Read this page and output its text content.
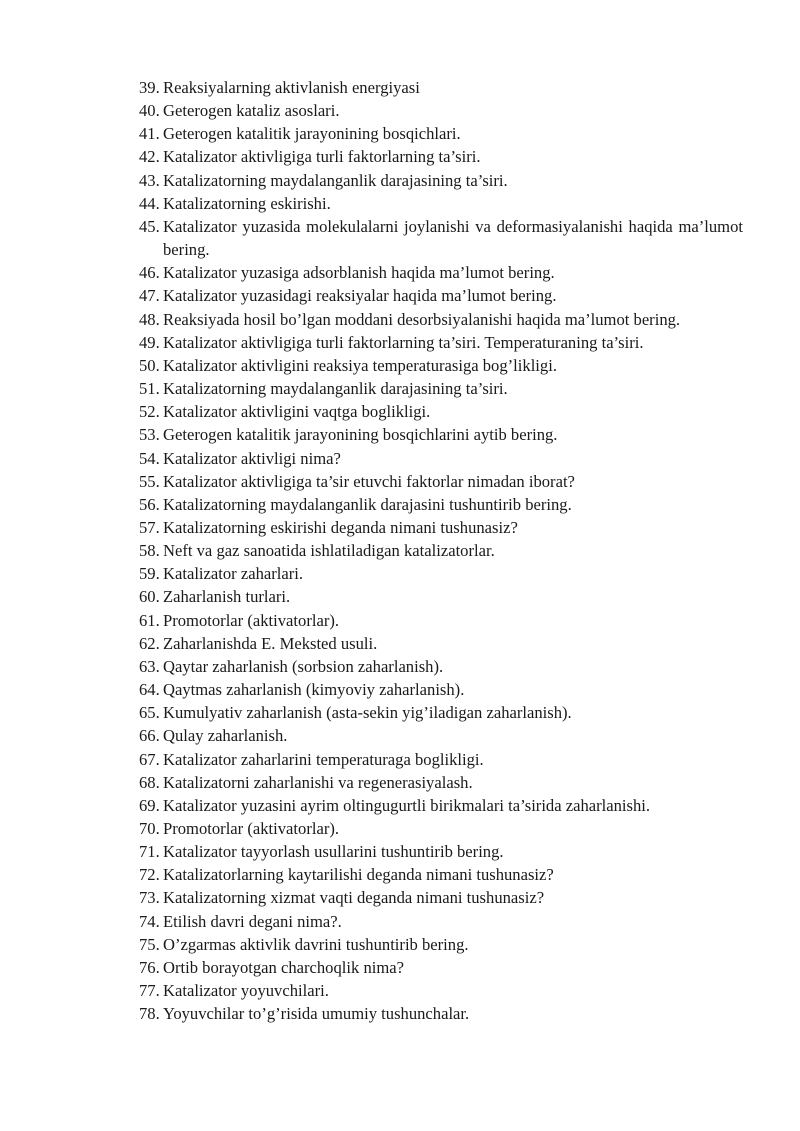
39. Reaksiyalarning aktivlanish energiyasi
40. Geterogen kataliz asoslari.
41. Geterogen katalitik jarayonining bosqichlari.
42. Katalizator aktivligiga turli faktorlarning ta’siri.
43. Katalizatorning maydalanganlik darajasining ta’siri.
44. Katalizatorning eskirishi.
45. Katalizator yuzasida molekulalarni joylanishi va deformasiyalanishi haqida ma’lumot bering.
46. Katalizator yuzasiga adsorblanish haqida ma’lumot bering.
47. Katalizator yuzasidagi reaksiyalar haqida ma’lumot bering.
48. Reaksiyada hosil bo’lgan moddani desorbsiyalanishi haqida ma’lumot bering.
49. Katalizator aktivligiga turli faktorlarning ta’siri. Temperaturaning ta’siri.
50. Katalizator aktivligini reaksiya temperaturasiga bog’likligi.
51. Katalizatorning maydalanganlik darajasining ta’siri.
52. Katalizator aktivligini vaqtga boglikligi.
53. Geterogen katalitik jarayonining bosqichlarini aytib bering.
54. Katalizator aktivligi nima?
55. Katalizator aktivligiga ta’sir etuvchi faktorlar nimadan iborat?
56. Katalizatorning maydalanganlik darajasini tushuntirib bering.
57. Katalizatorning eskirishi deganda nimani tushunasiz?
58. Neft va gaz sanoatida ishlatiladigan katalizatorlar.
59. Katalizator zaharlari.
60. Zaharlanish turlari.
61. Promotorlar (aktivatorlar).
62. Zaharlanishda E. Meksted usuli.
63. Qaytar zaharlanish (sorbsion zaharlanish).
64. Qaytmas zaharlanish (kimyoviy zaharlanish).
65. Kumulyativ zaharlanish (asta-sekin yig’iladigan zaharlanish).
66. Qulay zaharlanish.
67. Katalizator zaharlarini temperaturaga boglikligi.
68. Katalizatorni zaharlanishi va regenerasiyalash.
69. Katalizator yuzasini ayrim oltingugurtli birikmalari ta’sirida zaharlanishi.
70. Promotorlar (aktivatorlar).
71. Katalizator tayyorlash usullarini tushuntirib bering.
72. Katalizatorlarning kaytarilishi deganda nimani tushunasiz?
73. Katalizatorning xizmat vaqti deganda nimani tushunasiz?
74. Etilish davri degani nima?.
75. O’zgarmas aktivlik davrini tushuntirib bering.
76. Ortib borayotgan charchoqlik nima?
77. Katalizator yoyuvchilari.
78. Yoyuvchilar to’g’risida umumiy tushunchalar.
